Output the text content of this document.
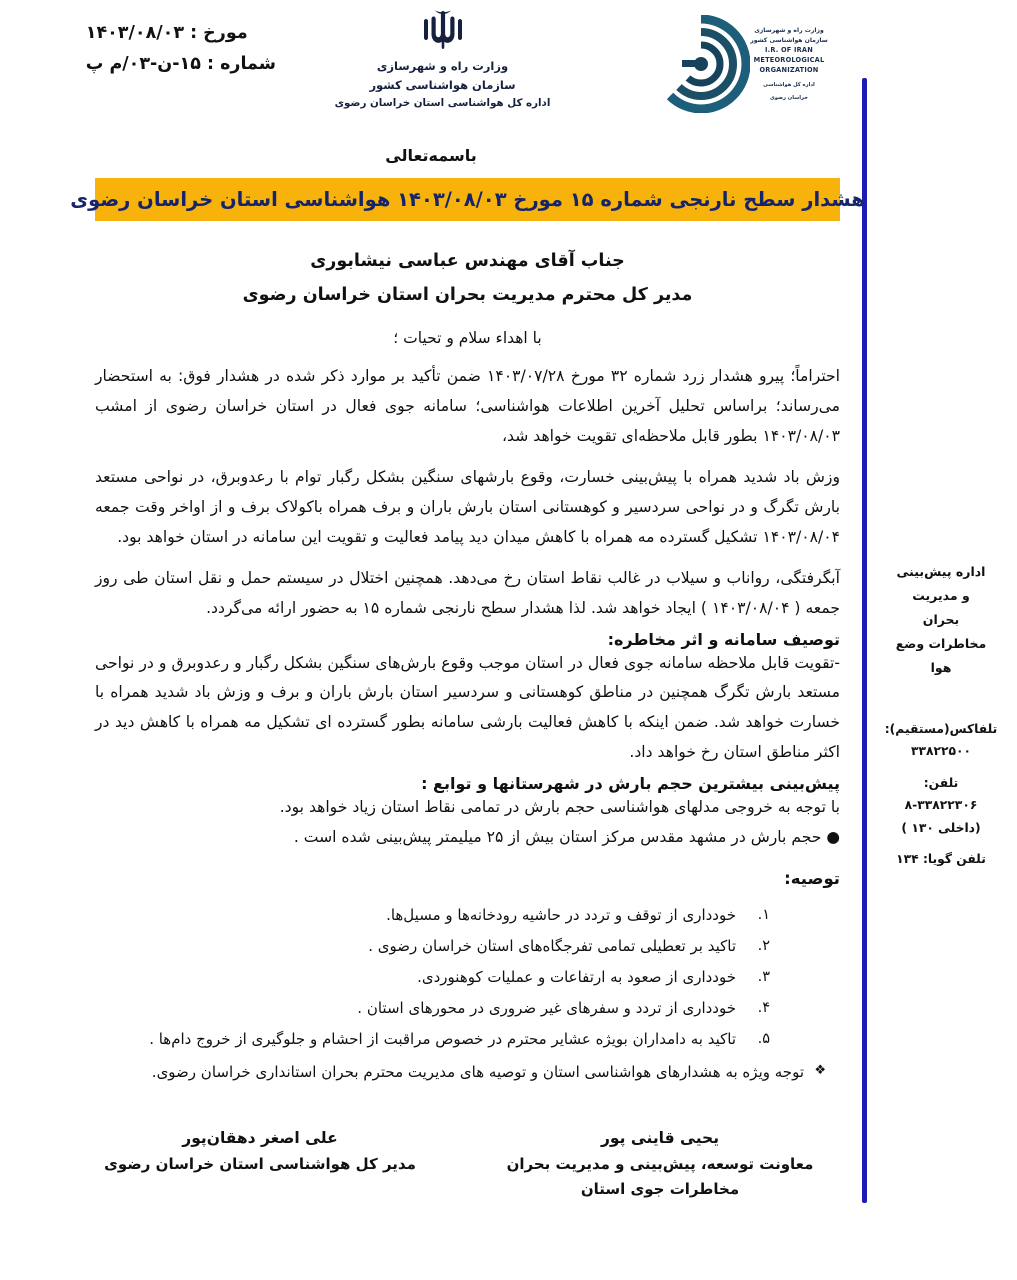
مورخ : ۱۴۰۳/۰۸/۰۳
شماره : ۱۵-ن-۰۳/م پ	وزارت راه و شهرسازی
سازمان هواشناسی کشور
اداره کل هواشناسی استان خراسان رضوی
وزارت راه و شهرسازی
سازمان هواشناسی کشور
I.R. OF IRAN
METEOROLOGICAL
ORGANIZATION
اداره کل هواشناسی
خراسان رضوی
باسمه‌تعالی
هشدار سطح نارنجی شماره ۱۵ مورخ ۱۴۰۳/۰۸/۰۳ هواشناسی استان خراسان رضوی
جناب آقای مهندس عباسی نیشابوری
مدیر کل محترم مدیریت بحران استان خراسان رضوی
با اهداء سلام و تحیات ؛

احتراماً؛ پیرو هشدار زرد شماره ۳۲ مورخ ۱۴۰۳/۰۷/۲۸ ضمن تأکید بر موارد ذکر شده در هشدار فوق: به استحضار می‌رساند؛ براساس تحلیل آخرین اطلاعات هواشناسی؛ سامانه جوی فعال در استان خراسان رضوی از امشب ۱۴۰۳/۰۸/۰۳ بطور قابل ملاحظه‌ای تقویت خواهد شد،

وزش باد شدید همراه با پیش‌بینی خسارت، وقوع بارشهای سنگین بشکل رگبار توام با رعدوبرق، در نواحی مستعد بارش تگرگ و در نواحی سردسیر و کوهستانی استان بارش باران و برف همراه باکولاک برف و از اواخر وقت جمعه ۱۴۰۳/۰۸/۰۴ تشکیل گسترده مه همراه با کاهش میدان دید پیامد فعالیت و تقویت این سامانه در استان خواهد بود.

آبگرفتگی، رواناب و سیلاب در غالب نقاط استان رخ می‌دهد. همچنین اختلال در سیستم حمل و نقل استان طی روز جمعه ( ۱۴۰۳/۰۸/۰۴ ) ایجاد خواهد شد. لذا هشدار سطح نارنجی شماره ۱۵ به حضور ارائه می‌گردد.

توصیف سامانه و اثر مخاطره:

-تقویت قابل ملاحظه سامانه جوی فعال در استان موجب وقوع بارش‌های سنگین بشکل رگبار و رعدوبرق و در نواحی مستعد بارش تگرگ همچنین در مناطق کوهستانی و سردسیر استان بارش باران و برف و وزش باد شدید همراه با خسارت خواهد شد. ضمن اینکه با کاهش فعالیت بارشی سامانه بطور گسترده ای تشکیل مه همراه با کاهش دید در اکثر مناطق استان رخ خواهد داد.

پیش‌بینی بیشترین حجم بارش در شهرستانها و توابع :
با توجه به خروجی مدلهای هواشناسی حجم بارش در تمامی نقاط استان زیاد خواهد بود.
● حجم بارش در مشهد مقدس مرکز استان بیش از ۲۵ میلیمتر پیش‌بینی شده است .
توصیه:
خودداری از توقف و تردد در حاشیه رودخانه‌ها و مسیل‌ها.
تاکید بر تعطیلی تمامی تفرجگاه‌های استان خراسان رضوی .
خودداری از صعود به ارتفاعات و عملیات کوهنوردی.
خودداری از تردد و سفرهای غیر ضروری در محورهای استان .
تاکید به دامداران بویژه عشایر محترم در خصوص مراقبت از احشام و جلوگیری از خروج دام‌ها .
❖
توجه ویژه به هشدارهای هواشناسی استان و توصیه های مدیریت محترم بحران استانداری خراسان رضوی.
یحیی قاینی پور
معاونت توسعه، پیش‌بینی و مدیریت بحران
مخاطرات جوی استان
علی اصغر دهقان‌پور
مدیر کل هواشناسی استان خراسان رضوی
اداره پیش‌بینی
و مدیریت
بحران
مخاطرات وضع
هوا
تلفاکس(مستقیم):
۳۳۸۲۲۵۰۰
تلفن:
۸-۳۳۸۲۲۳۰۶
(داخلی ۱۳۰ )
تلفن گویا: ۱۳۴
